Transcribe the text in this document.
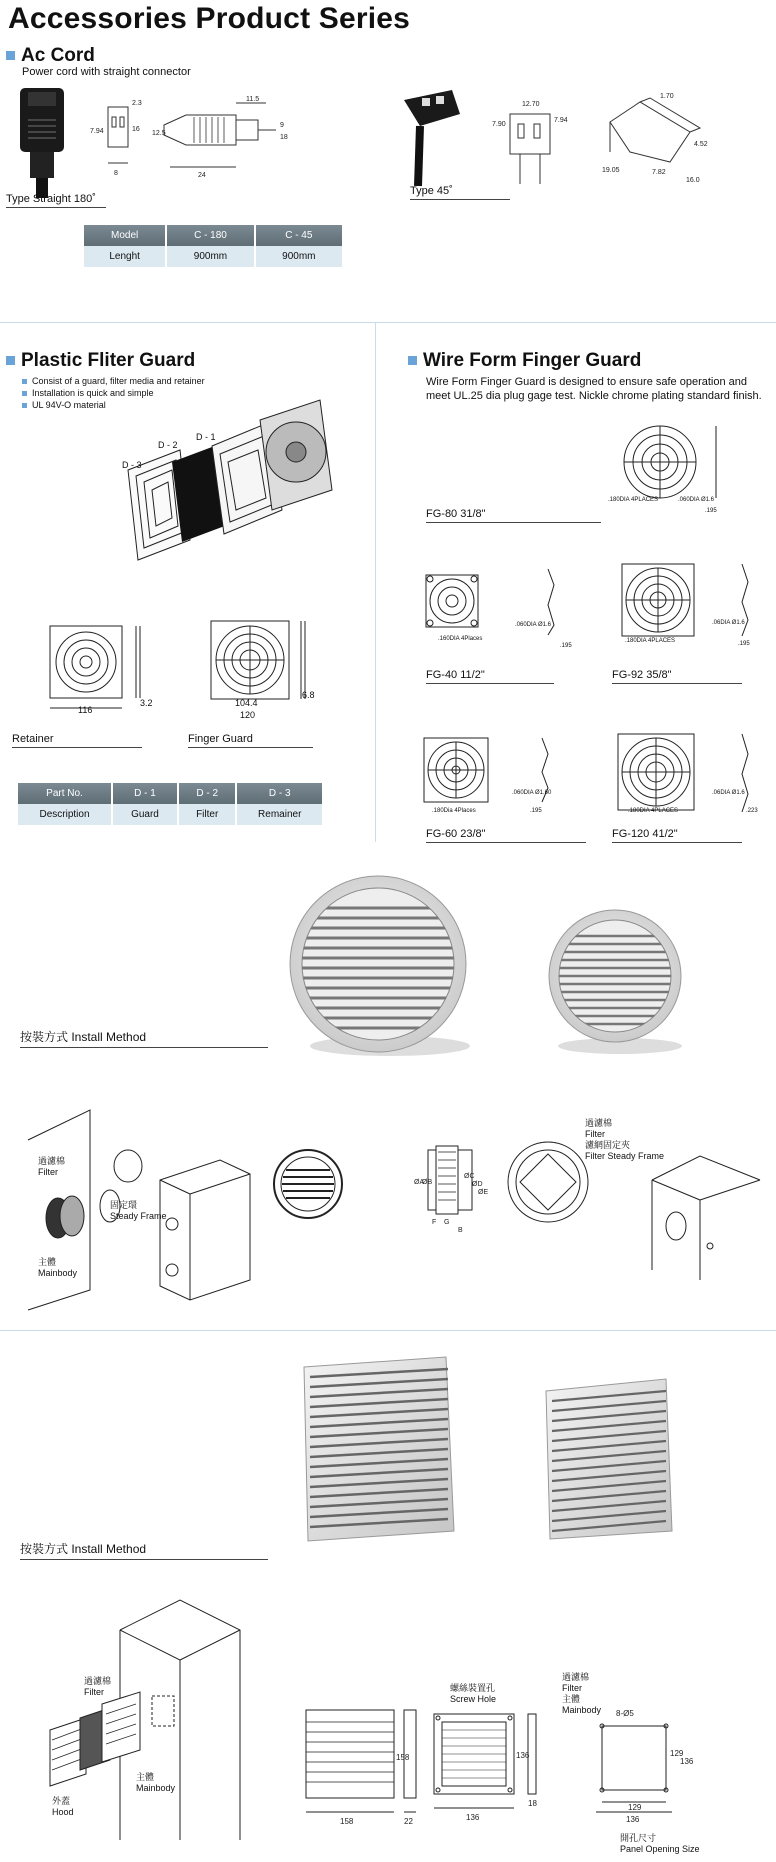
Accessories Product Series
Ac Cord
Power cord with straight connector
2.3
7.94	16
12.5
8
11.5
24
9
18
Type Straight 180˚
7.90
12.70
7.94
1.70
19.05	7.82
4.52
16.0
Type 45˚
Model	C - 180	C - 45
Lenght	900mm	900mm
Plastic Fliter Guard
Consist of a guard, filter media and retainer
Installation is quick and simple
UL 94V-O material
D - 3
D - 2
D - 1
116
3.2
Retainer
104.4
120
6.8
Finger Guard
Part No.	D - 1	D - 2	D - 3
Description	Guard	Filter	Remainer
Wire Form Finger Guard
Wire Form Finger Guard is designed to ensure safe operation and meet UL.25 dia plug gage test. Nickle chrome plating standard finish.
.180DIA 4PLACES	.060DIA Ø1.6
.195
FG-80 31/8"
.160DIA 4Places
.060DIA Ø1.6
.195
FG-40 11/2"
.180DIA 4PLACES
.06DIA Ø1.6
.195
FG-92 35/8"
.180Dia 4Places
.060DIA Ø1.60
.195
FG-60 23/8"
.180DIA 4PLACES
.06DIA Ø1.6
.223
FG-120 41/2"
按裝方式 Install Method
過濾棉
Filter
固定環
Steady Frame
主體
Mainbody
ØA
ØB
ØC
ØD
ØE
F G
B
過濾棉
Filter
濾網固定夾
Filter Steady Frame
按裝方式 Install Method
過濾棉
Filter
主體
Mainbody
外蓋
Hood
158
158
22	136
136
18
8-Ø5
129
129
136
136
螺絲裝置孔
Screw Hole
過濾棉
Filter
主體
Mainbody
開孔尺寸
Panel Opening Size
